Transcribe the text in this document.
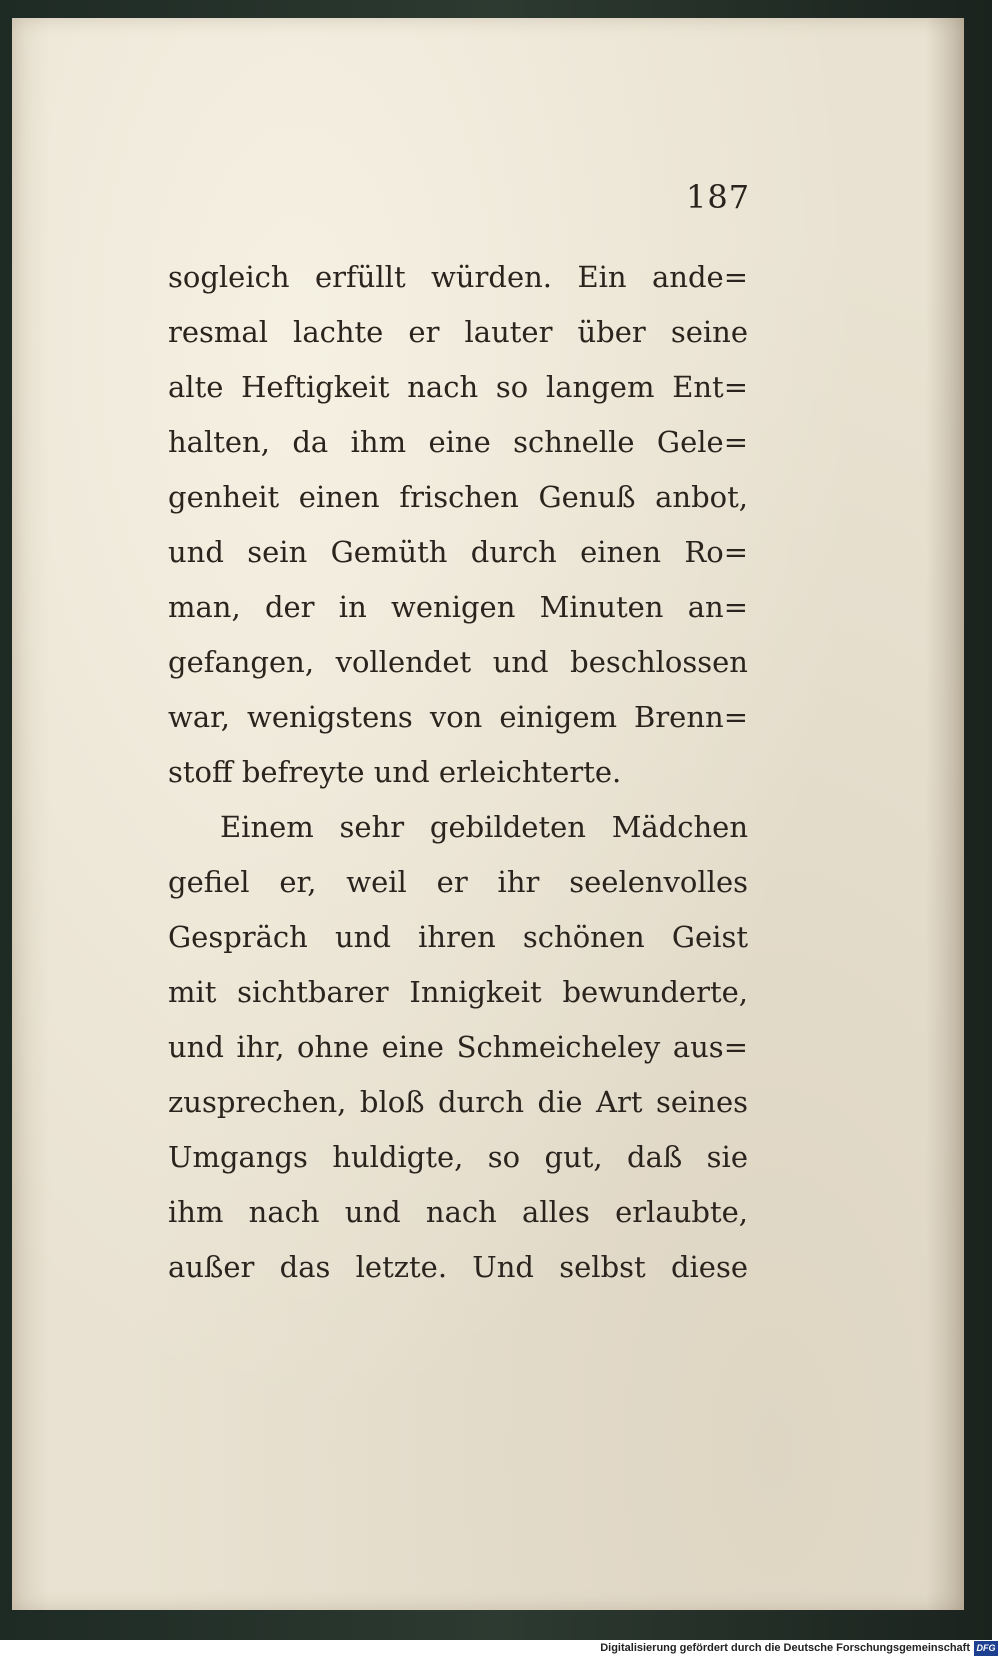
187
sogleich erfüllt würden. Ein ande=
resmal lachte er lauter über seine
alte Heftigkeit nach so langem Ent=
halten, da ihm eine schnelle Gele=
genheit einen frischen Genuß anbot,
und sein Gemüth durch einen Ro=
man, der in wenigen Minuten an=
gefangen, vollendet und beschlossen
war, wenigstens von einigem Brenn=
stoff befreyte und erleichterte.
Einem sehr gebildeten Mädchen
gefiel er, weil er ihr seelenvolles
Gespräch und ihren schönen Geist
mit sichtbarer Innigkeit bewunderte,
und ihr, ohne eine Schmeicheley aus=
zusprechen, bloß durch die Art seines
Umgangs huldigte, so gut, daß sie
ihm nach und nach alles erlaubte,
außer das letzte. Und selbst diese
Digitalisierung gefördert durch die Deutsche Forschungsgemeinschaft DFG
